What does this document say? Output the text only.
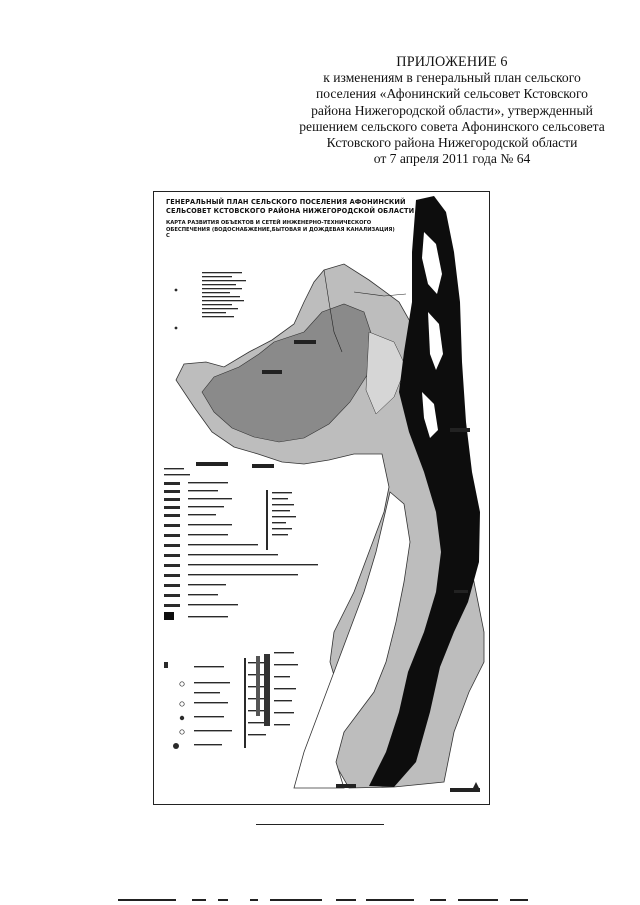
ПРИЛОЖЕНИЕ 6
к изменениям в генеральный план сельского
поселения «Афонинский сельсовет Кстовского
района Нижегородской области», утвержденный
решением сельского совета Афонинского сельсовета
Кстовского района Нижегородской области
от 7 апреля 2011 года № 64
ГЕНЕРАЛЬНЫЙ ПЛАН СЕЛЬСКОГО ПОСЕЛЕНИЯ АФОНИНСКИЙ
СЕЛЬСОВЕТ КСТОВСКОГО РАЙОНА НИЖЕГОРОДСКОЙ ОБЛАСТИ
КАРТА РАЗВИТИЯ ОБЪЕКТОВ И СЕТЕЙ ИНЖЕНЕРНО-ТЕХНИЧЕСКОГО
ОБЕСПЕЧЕНИЯ (ВОДОСНАБЖЕНИЕ,БЫТОВАЯ И ДОЖДЕВАЯ КАНАЛИЗАЦИЯ)
С
